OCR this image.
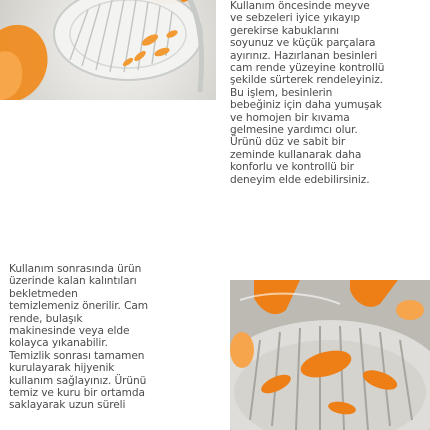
Kullanım öncesinde meyve
ve sebzeleri iyice yıkayıp
gerekirse kabuklarını
soyunuz ve küçük parçalara
ayırınız. Hazırlanan besinleri
cam rende yüzeyine kontrollü
şekilde sürterek rendeleyiniz.
Bu işlem, besinlerin
bebeğiniz için daha yumuşak
ve homojen bir kıvama
gelmesine yardımcı olur.
Ürünü düz ve sabit bir
zeminde kullanarak daha
konforlu ve kontrollü bir
deneyim elde edebilirsiniz.

Kullanım sonrasında ürün
üzerinde kalan kalıntıları
bekletmeden
temizlemeniz önerilir. Cam
rende, bulaşık
makinesinde veya elde
kolayca yıkanabilir.
Temizlik sonrası tamamen
kurulayarak hijyenik
kullanım sağlayınız. Ürünü
temiz ve kuru bir ortamda
saklayarak uzun süreli
